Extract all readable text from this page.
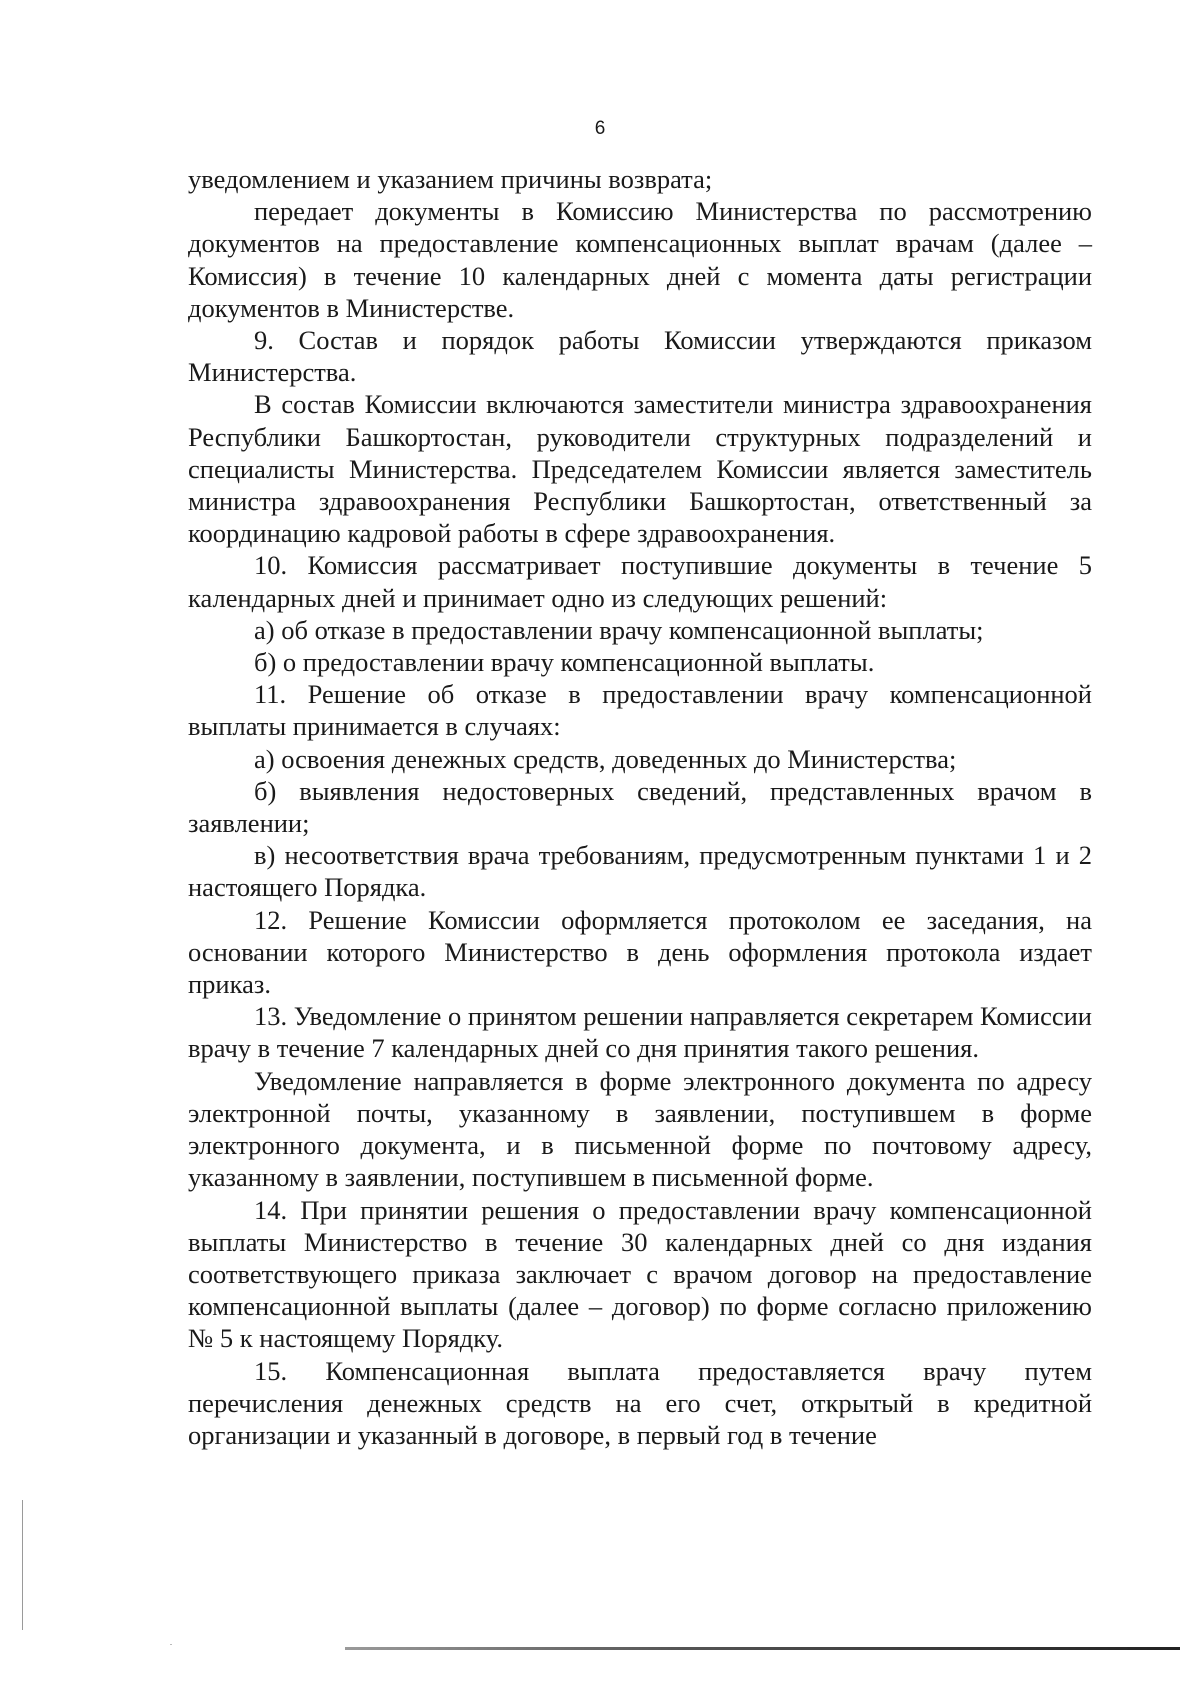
6

уведомлением и указанием причины возврата;

передает документы в Комиссию Министерства по рассмотрению документов на предоставление компенсационных выплат врачам (далее – Комиссия) в течение 10 календарных дней с момента даты регистрации документов в Министерстве.

9. Состав и порядок работы Комиссии утверждаются приказом Министерства.

В состав Комиссии включаются заместители министра здравоохранения Республики Башкортостан, руководители структурных подразделений и специалисты Министерства. Председателем Комиссии является заместитель министра здравоохранения Республики Башкортостан, ответственный за координацию кадровой работы в сфере здравоохранения.

10. Комиссия рассматривает поступившие документы в течение 5 календарных дней и принимает одно из следующих решений:

а) об отказе в предоставлении врачу компенсационной выплаты;

б) о предоставлении врачу компенсационной выплаты.

11. Решение об отказе в предоставлении врачу компенсационной выплаты принимается в случаях:

а) освоения денежных средств, доведенных до Министерства;

б) выявления недостоверных сведений, представленных врачом в заявлении;

в) несоответствия врача требованиям, предусмотренным пунктами 1 и 2 настоящего Порядка.

12. Решение Комиссии оформляется протоколом ее заседания, на основании которого Министерство в день оформления протокола издает приказ.

13. Уведомление о принятом решении направляется секретарем Комиссии врачу в течение 7 календарных дней со дня принятия такого решения.

Уведомление направляется в форме электронного документа по адресу электронной почты, указанному в заявлении, поступившем в форме электронного документа, и в письменной форме по почтовому адресу, указанному в заявлении, поступившем в письменной форме.

14. При принятии решения о предоставлении врачу компенсационной выплаты Министерство в течение 30 календарных дней со дня издания соответствующего приказа заключает с врачом договор на предоставление компенсационной выплаты (далее – договор) по форме согласно приложению № 5 к настоящему Порядку.

15. Компенсационная выплата предоставляется врачу путем перечисления денежных средств на его счет, открытый в кредитной организации и указанный в договоре, в первый год в течение
